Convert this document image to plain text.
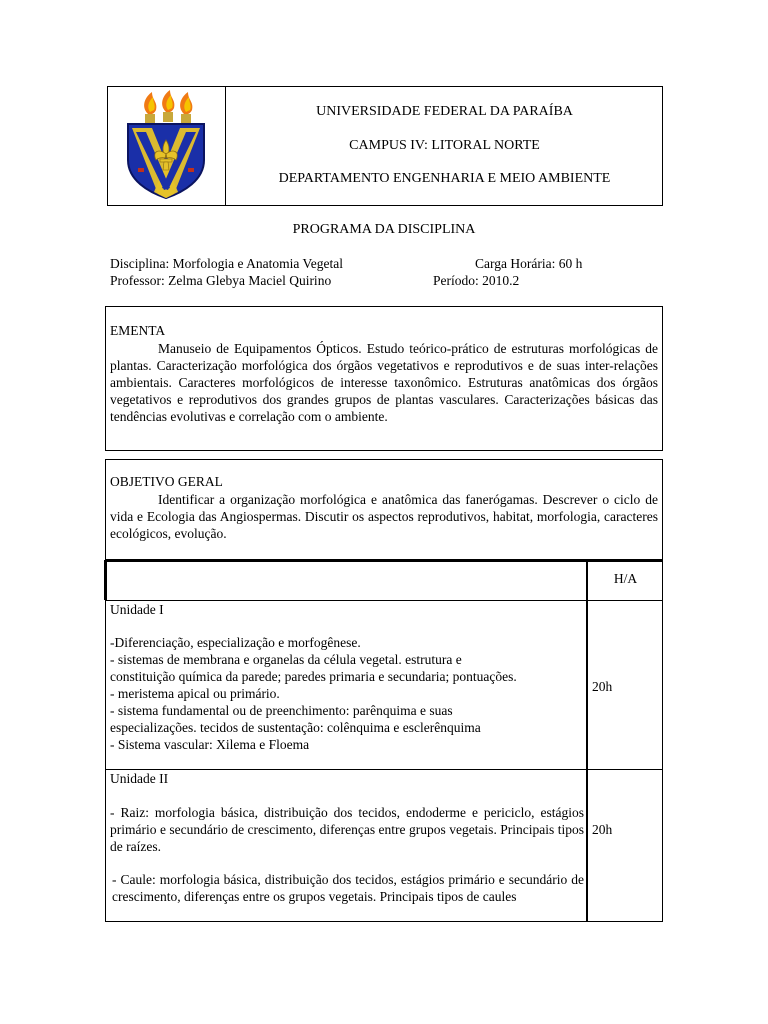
UNIVERSIDADE FEDERAL DA PARAÍBA
CAMPUS IV: LITORAL NORTE
DEPARTAMENTO ENGENHARIA E MEIO AMBIENTE
PROGRAMA DA DISCIPLINA
Disciplina: Morfologia e Anatomia Vegetal	Carga Horária: 60 h
Professor: Zelma Glebya Maciel Quirino	Período: 2010.2
EMENTA

Manuseio de Equipamentos Ópticos. Estudo teórico-prático de estruturas morfológicas de plantas. Caracterização morfológica dos órgãos vegetativos e reprodutivos e de suas inter-relações ambientais. Caracteres morfológicos de interesse taxonômico. Estruturas anatômicas dos órgãos vegetativos e reprodutivos dos grandes grupos de plantas vasculares. Caracterizações básicas das tendências evolutivas e correlação com o ambiente.

OBJETIVO GERAL

Identificar a organização morfológica e anatômica das fanerógamas. Descrever o ciclo de vida e Ecologia das Angiospermas. Discutir os aspectos reprodutivos, habitat, morfologia, caracteres ecológicos, evolução.

H/A
Unidade I
-Diferenciação, especialização e morfogênese.
- sistemas de membrana e organelas da célula vegetal. estrutura e
constituição química da parede; paredes primaria e secundaria; pontuações.
- meristema apical ou primário.
- sistema fundamental ou de preenchimento: parênquima e suas
especializações. tecidos de sustentação: colênquima e esclerênquima
- Sistema vascular: Xilema e Floema
20h
Unidade II

- Raiz: morfologia básica, distribuição dos tecidos, endoderme e periciclo, estágios primário e secundário de crescimento, diferenças entre grupos vegetais. Principais tipos de raízes.

- Caule: morfologia básica, distribuição dos tecidos, estágios primário e secundário de crescimento, diferenças entre os grupos vegetais. Principais tipos de caules

20h
